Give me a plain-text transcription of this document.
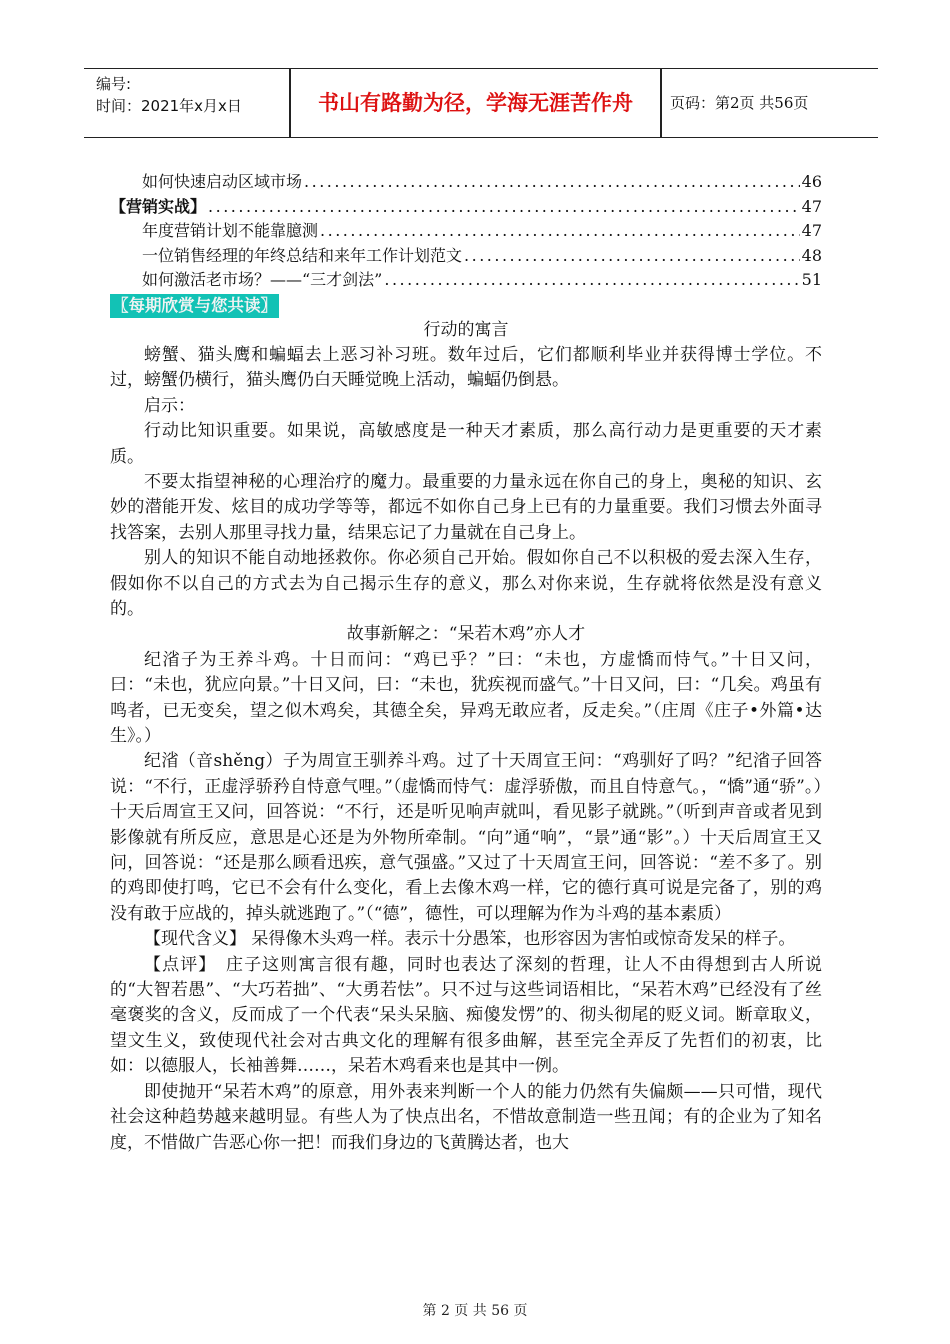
编号:
时间：2021年x月x日	书山有路勤为径，学海无涯苦作舟	页码：第2页 共56页
如何快速启动区域市场 .....	46
【营销实战】 .....	47
年度营销计划不能靠臆测 .....	47
一位销售经理的年终总结和来年工作计划范文 .....	48
如何激活老市场？——“三才剑法” .....	51
〖每期欣赏与您共读〗

行动的寓言

螃蟹、猫头鹰和蝙蝠去上恶习补习班。数年过后，它们都顺利毕业并获得博士学位。不过，螃蟹仍横行，猫头鹰仍白天睡觉晚上活动，蝙蝠仍倒悬。

启示：

行动比知识重要。如果说，高敏感度是一种天才素质，那么高行动力是更重要的天才素质。

不要太指望神秘的心理治疗的魔力。最重要的力量永远在你自己的身上，奥秘的知识、玄妙的潜能开发、炫目的成功学等等，都远不如你自己身上已有的力量重要。我们习惯去外面寻找答案，去别人那里寻找力量，结果忘记了力量就在自己身上。

别人的知识不能自动地拯救你。你必须自己开始。假如你自己不以积极的爱去深入生存，假如你不以自己的方式去为自己揭示生存的意义，那么对你来说，生存就将依然是没有意义的。

故事新解之：“呆若木鸡”亦人才

纪渻子为王养斗鸡。十日而问：“鸡已乎？”曰：“未也，方虚憍而恃气。”十日又问，曰：“未也，犹应向景。”十日又问，曰：“未也，犹疾视而盛气。”十日又问，曰：“几矣。鸡虽有鸣者，已无变矣，望之似木鸡矣，其德全矣，异鸡无敢应者，反走矣。”（庄周《庄子•外篇•达生》。）

纪渻（音shěng）子为周宣王驯养斗鸡。过了十天周宣王问：“鸡驯好了吗？”纪渻子回答说：“不行，正虚浮骄矜自恃意气哩。”（虚憍而恃气：虚浮骄傲，而且自恃意气。，“憍”通“骄”。）十天后周宣王又问，回答说：“不行，还是听见响声就叫，看见影子就跳。”（听到声音或者见到影像就有所反应，意思是心还是为外物所牵制。“向”通“响”，“景”通“影”。）十天后周宣王又问，回答说：“还是那么顾看迅疾，意气强盛。”又过了十天周宣王问，回答说：“差不多了。别的鸡即使打鸣，它已不会有什么变化，看上去像木鸡一样，它的德行真可说是完备了，别的鸡没有敢于应战的，掉头就逃跑了。”（“德”，德性，可以理解为作为斗鸡的基本素质）

【现代含义】 呆得像木头鸡一样。表示十分愚笨，也形容因为害怕或惊奇发呆的样子。

【点评】　庄子这则寓言很有趣，同时也表达了深刻的哲理，让人不由得想到古人所说的“大智若愚”、“大巧若拙”、“大勇若怯”。只不过与这些词语相比，“呆若木鸡”已经没有了丝毫褒奖的含义，反而成了一个代表“呆头呆脑、痴傻发愣”的、彻头彻尾的贬义词。断章取义，望文生义，致使现代社会对古典文化的理解有很多曲解，甚至完全弄反了先哲们的初衷，比如：以德服人，长袖善舞……，呆若木鸡看来也是其中一例。

即使抛开“呆若木鸡”的原意，用外表来判断一个人的能力仍然有失偏颇——只可惜，现代社会这种趋势越来越明显。有些人为了快点出名，不惜故意制造一些丑闻；有的企业为了知名度，不惜做广告恶心你一把！而我们身边的飞黄腾达者，也大

第 2 页 共 56 页
